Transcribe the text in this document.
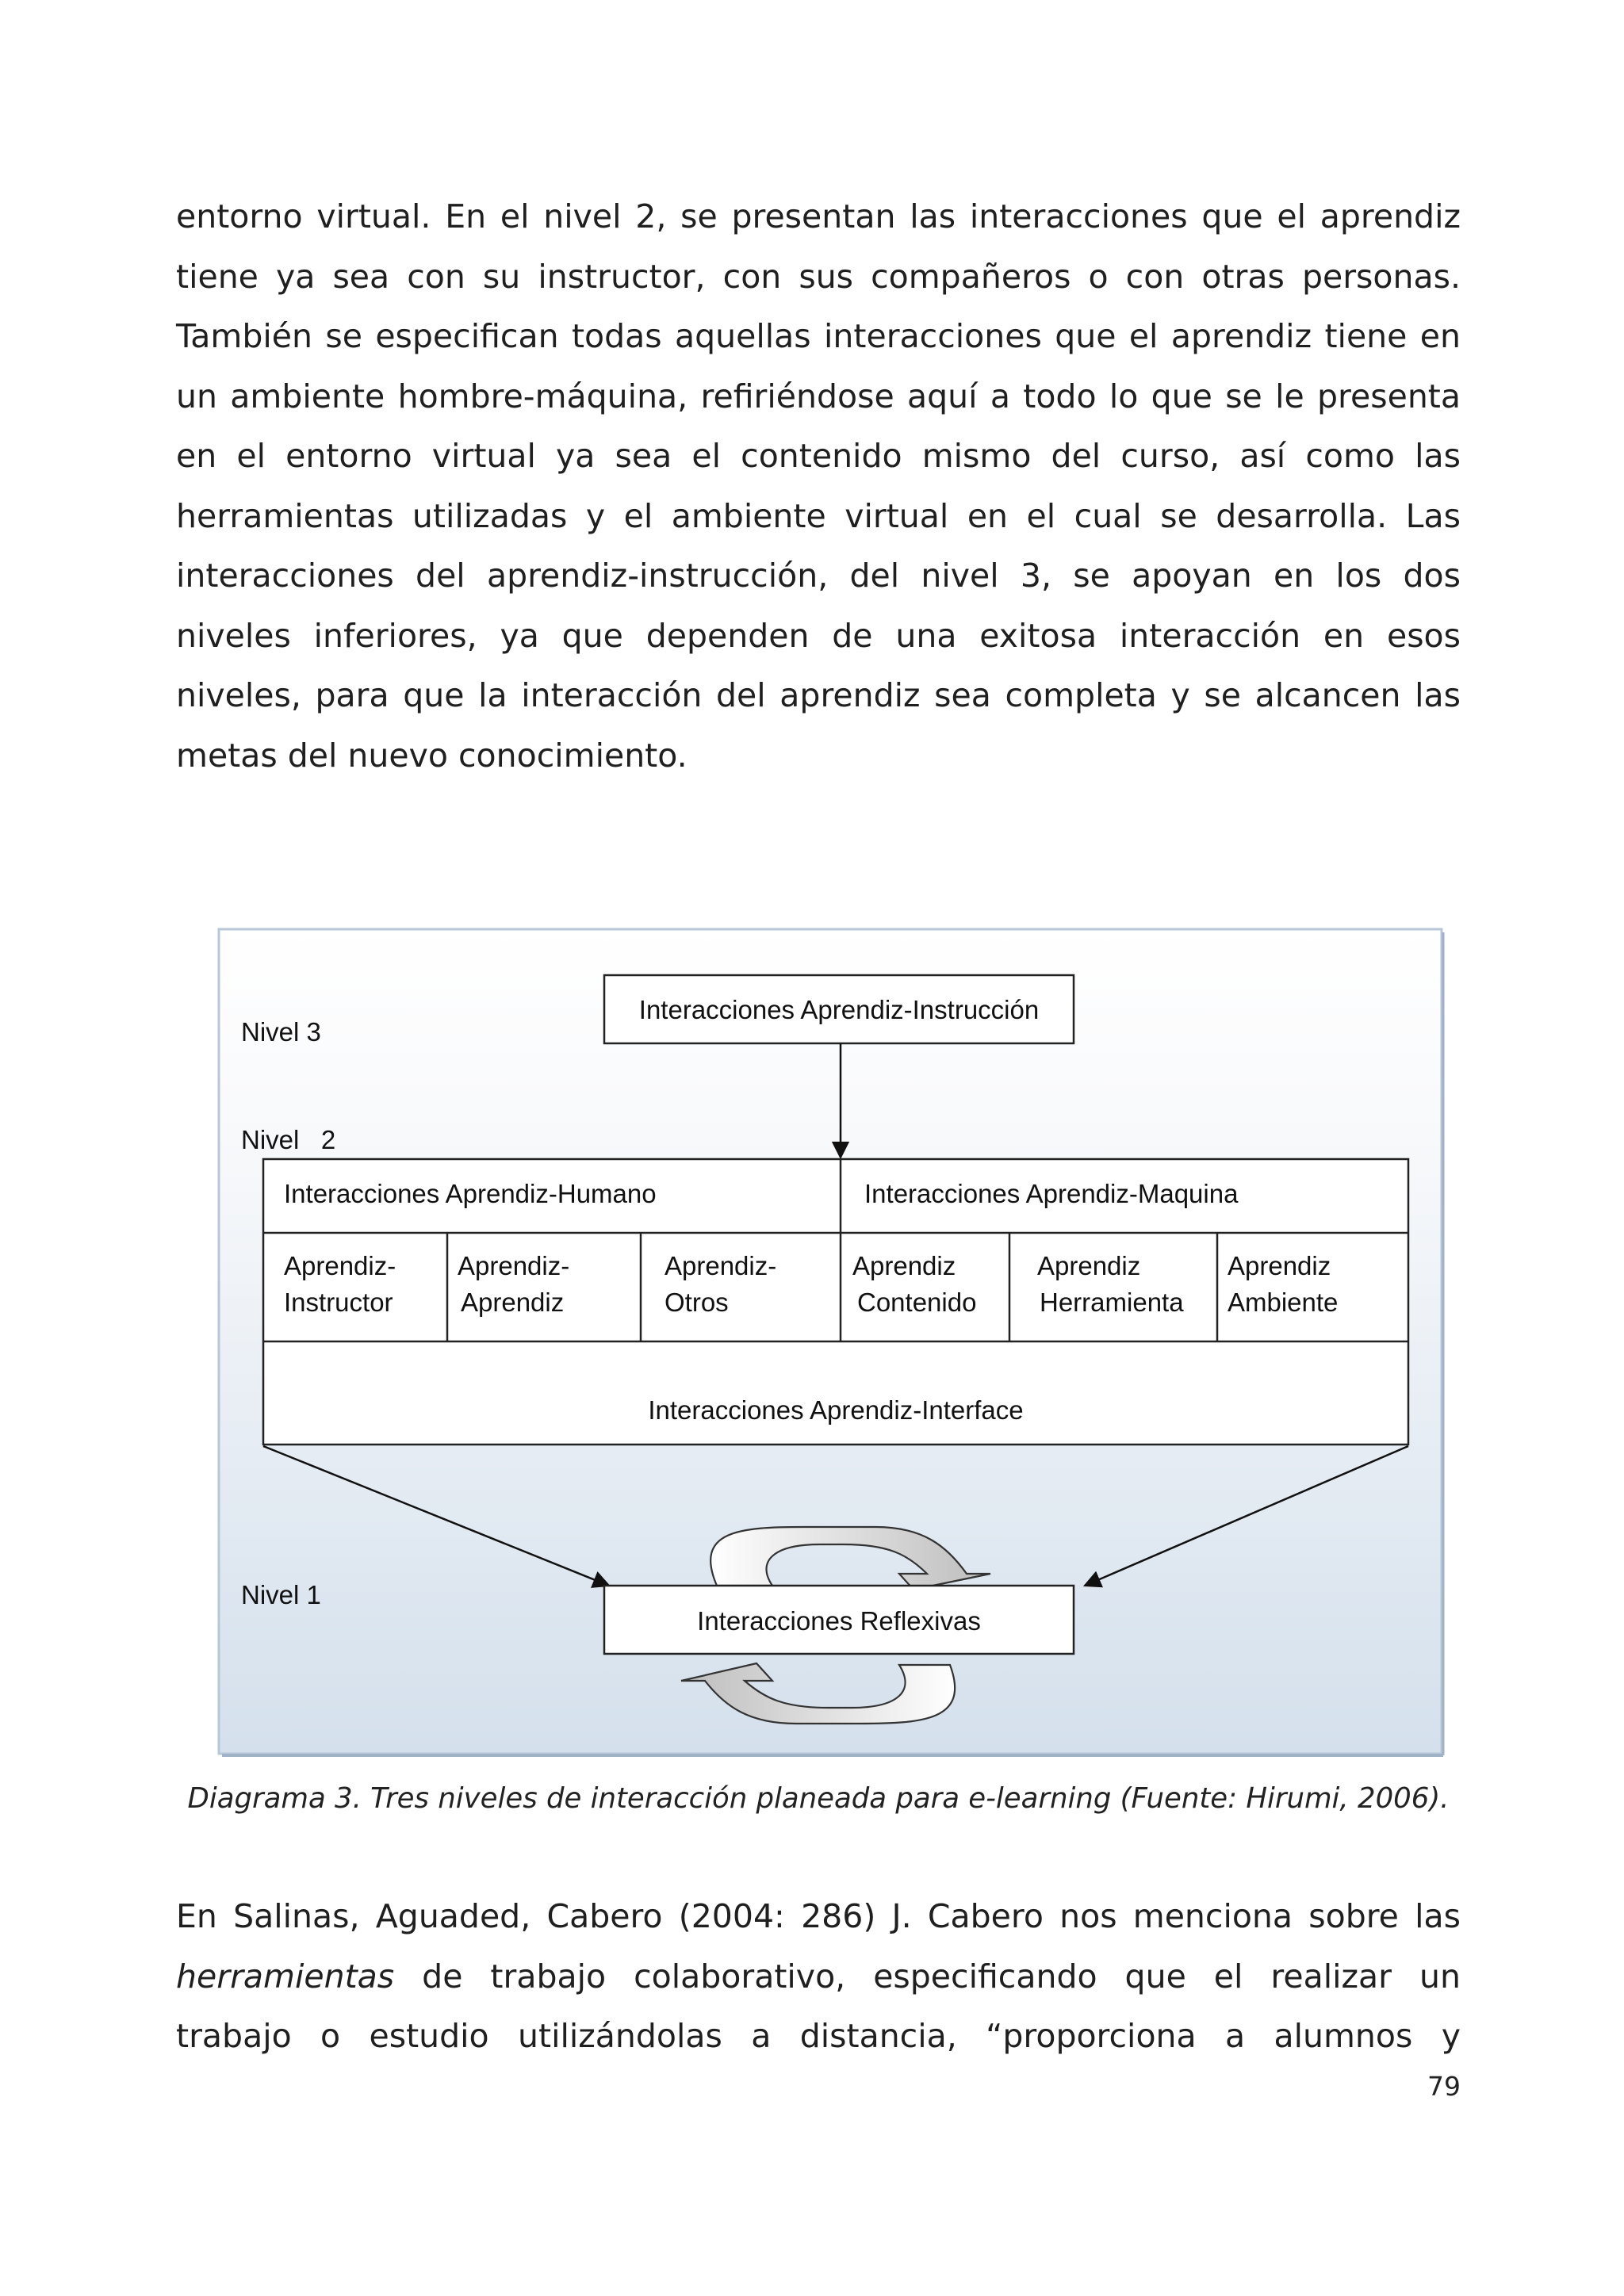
entorno virtual. En el nivel 2, se presentan las interacciones que el aprendiz
tiene ya sea con su instructor, con sus compañeros o con otras personas.
También se especifican todas aquellas interacciones que el aprendiz tiene en
un ambiente hombre-máquina, refiriéndose aquí a todo lo que se le presenta
en el entorno virtual ya sea el contenido mismo del curso, así como las
herramientas utilizadas y el ambiente virtual en el cual se desarrolla. Las
interacciones del aprendiz-instrucción, del nivel 3, se apoyan en los dos
niveles inferiores, ya que dependen de una exitosa interacción en esos
niveles, para que la interacción del aprendiz sea completa y se alcancen las
metas del nuevo conocimiento.
Nivel 3
Nivel   2
Nivel 1
Interacciones Aprendiz-Instrucción
Interacciones Aprendiz-Humano	Interacciones Aprendiz-Maquina
Aprendiz-
Instructor
Aprendiz-
Aprendiz
Aprendiz-
Otros
Aprendiz
Contenido
Aprendiz
Herramienta
Aprendiz
Ambiente
Interacciones Aprendiz-Interface
Interacciones Reflexivas

Diagrama 3. Tres niveles de interacción planeada para e-learning (Fuente: Hirumi, 2006).

En Salinas, Aguaded, Cabero (2004: 286) J. Cabero nos menciona sobre las
herramientas de trabajo colaborativo, especificando que el realizar un
trabajo o estudio utilizándolas a distancia, “proporciona a alumnos y
79
